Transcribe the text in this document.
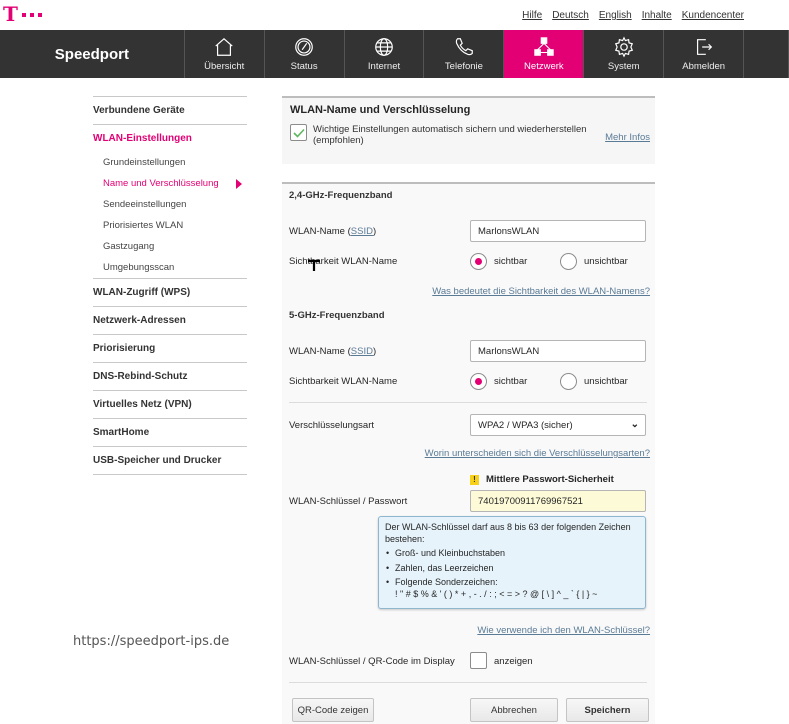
T	Hilfe Deutsch English Inhalte Kundencenter
Speedport
Übersicht	Status	Internet	Telefonie	Netzwerk	System	Abmelden
Verbundene Geräte
WLAN-Einstellungen
Grundeinstellungen
Name und Verschlüsselung
Sendeeinstellungen
Priorisiertes WLAN
Gastzugang
Umgebungsscan
WLAN-Zugriff (WPS)
Netzwerk-Adressen
Priorisierung
DNS-Rebind-Schutz
Virtuelles Netz (VPN)
SmartHome
USB-Speicher und Drucker
https://speedport-ips.de
WLAN-Name und Verschlüsselung
Wichtige Einstellungen automatisch sichern und wiederherstellen (empfohlen)	Mehr Infos
2,4-GHz-Frequenzband
WLAN-Name (SSID)	MarlonsWLAN
Sichtbarkeit WLAN-Name	sichtbar	unsichtbar
Was bedeutet die Sichtbarkeit des WLAN-Namens?
5-GHz-Frequenzband
WLAN-Name (SSID)	MarlonsWLAN
Sichtbarkeit WLAN-Name	sichtbar	unsichtbar
Verschlüsselungsart	WPA2 / WPA3 (sicher)	⌄
Worin unterscheiden sich die Verschlüsselungsarten?
!	Mittlere Passwort-Sicherheit
WLAN-Schlüssel / Passwort	74019700911769967521
Der WLAN-Schlüssel darf aus 8 bis 63 der folgenden Zeichen bestehen:
• Groß- und Kleinbuchstaben
• Zahlen, das Leerzeichen
• Folgende Sonderzeichen:
! " # $ % & ' ( ) * + , - . / : ; < = > ? @ [ \ ] ^ _ ` { | } ~
Wie verwende ich den WLAN-Schlüssel?
WLAN-Schlüssel / QR-Code im Display	anzeigen
QR-Code zeigen	Abbrechen	Speichern
